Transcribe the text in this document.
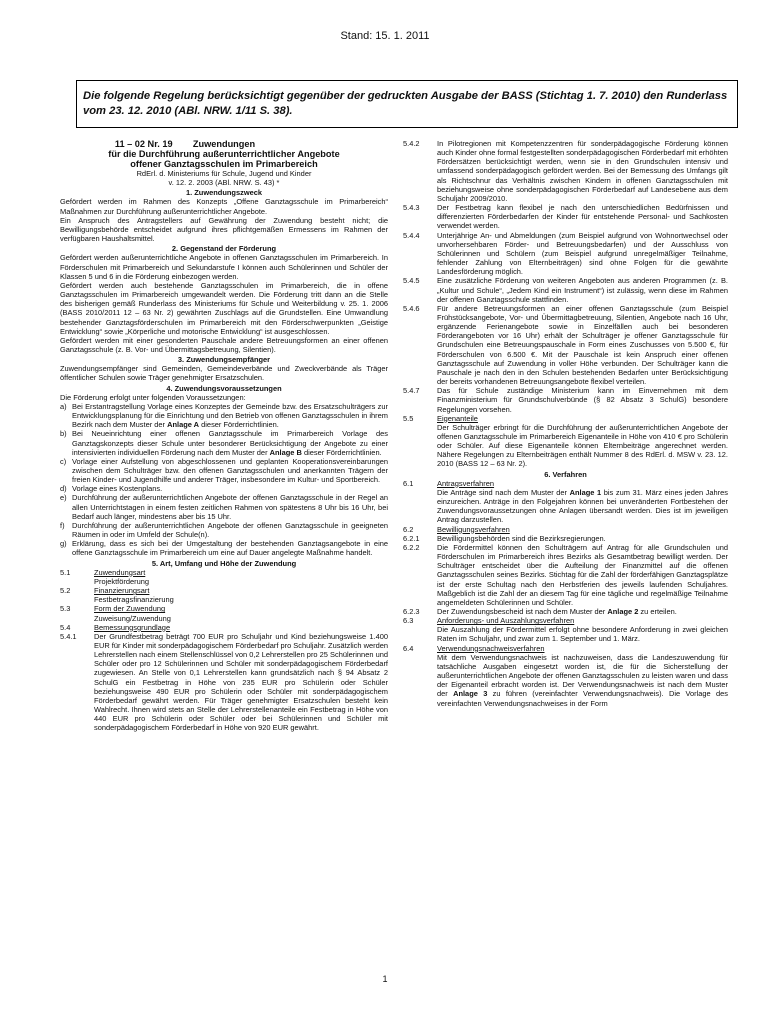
Stand: 15. 1. 2011
Die folgende Regelung berücksichtigt gegenüber der gedruckten Ausgabe der BASS (Stichtag 1. 7. 2010) den Runderlass vom 23. 12. 2010 (ABl. NRW. 1/11 S. 38).
11 – 02 Nr. 19 Zuwendungen
für die Durchführung außerunterrichtlicher Angebote
offener Ganztagsschulen im Primarbereich
RdErl. d. Ministeriums für Schule, Jugend und Kinder
v. 12. 2. 2003 (ABl. NRW. S. 43) *
1. Zuwendungszweck

Gefördert werden im Rahmen des Konzepts „Offene Ganztagsschule im Primarbereich“ Maßnahmen zur Durchführung außerunterrichtlicher Angebote.

Ein Anspruch des Antragstellers auf Gewährung der Zuwendung besteht nicht; die Bewilligungsbehörde entscheidet aufgrund ihres pflichtgemäßen Ermessens im Rahmen der verfügbaren Haushaltsmittel.

2. Gegenstand der Förderung

Gefördert werden außerunterrichtliche Angebote in offenen Ganztagsschulen im Primarbereich. In Förderschulen mit Primarbereich und Sekundarstufe I können auch Schülerinnen und Schüler der Klassen 5 und 6 in die Förderung einbezogen werden.

Gefördert werden auch bestehende Ganztagsschulen im Primarbereich, die in offene Ganztagsschulen im Primarbereich umgewandelt werden. Die Förderung tritt dann an die Stelle des bisherigen gemäß Runderlass des Ministeriums für Schule und Weiterbildung v. 25. 1. 2006 (BASS 2010/2011 12 – 63 Nr. 2) gewährten Zuschlags auf die Grundstellen. Eine Umwandlung bestehender Ganztagsförderschulen im Primarbereich mit den Förderschwerpunkten „Geistige Entwicklung“ sowie „Körperliche und motorische Entwicklung“ ist ausgeschlossen.

Gefördert werden mit einer gesonderten Pauschale andere Betreuungsformen an einer offenen Ganztagsschule (z. B. Vor- und Übermittagsbetreuung, Silentien).

3. Zuwendungsempfänger

Zuwendungsempfänger sind Gemeinden, Gemeindeverbände und Zweckverbände als Träger öffentlicher Schulen sowie Träger genehmigter Ersatzschulen.

4. Zuwendungsvoraussetzungen

Die Förderung erfolgt unter folgenden Voraussetzungen:

a) Bei Erstantragstellung Vorlage eines Konzeptes der Gemeinde bzw. des Ersatzschulträgers zur Entwicklungsplanung für die Einrichtung und den Betrieb von offenen Ganztagsschulen in ihrem Bezirk nach dem Muster der Anlage A dieser Förderrichtlinien.
b) Bei Neueinrichtung einer offenen Ganztagsschule im Primarbereich Vorlage des Ganztagskonzepts dieser Schule unter besonderer Berücksichtigung der Angebote zu einer intensivierten individuellen Förderung nach dem Muster der Anlage B dieser Förderrichtlinien.
c) Vorlage einer Aufstellung von abgeschlossenen und geplanten Kooperationsvereinbarungen zwischen dem Schulträger bzw. den offenen Ganztagsschulen und anerkannten Trägern der freien Kinder- und Jugendhilfe und anderer Träger, insbesondere im Kultur- und Sportbereich.
d) Vorlage eines Kostenplans.
e) Durchführung der außerunterrichtlichen Angebote der offenen Ganztagsschule in der Regel an allen Unterrichtstagen in einem festen zeitlichen Rahmen von spätestens 8 Uhr bis 16 Uhr, bei Bedarf auch länger, mindestens aber bis 15 Uhr.
f)	Durchführung der außerunterrichtlichen Angebote der offenen Ganztagsschule in geeigneten Räumen in oder im Umfeld der Schule(n).
g) Erklärung, dass es sich bei der Umgestaltung der bestehenden Ganztagsangebote in eine offene Ganztagsschule im Primarbereich um eine auf Dauer angelegte Maßnahme handelt.
5. Art, Umfang und Höhe der Zuwendung
5.1	Zuwendungsart
Projektförderung
5.2	Finanzierungsart
Festbetragsfinanzierung
5.3	Form der Zuwendung
Zuweisung/Zuwendung
5.4	Bemessungsgrundlage
5.4.1	Der Grundfestbetrag beträgt 700 EUR pro Schuljahr und Kind beziehungsweise 1.400 EUR für Kinder mit sonderpädagogischem Förderbedarf pro Schuljahr. Zusätzlich werden Lehrerstellen nach einem Stellenschlüssel von 0,2 Lehrerstellen pro 25 Schülerinnen und Schüler oder pro 12 Schülerinnen und Schüler mit sonderpädagogischem Förderbedarf zugewiesen. An Stelle von 0,1 Lehrerstellen kann grundsätzlich nach § 94 Absatz 2 SchulG ein Festbetrag in Höhe von 235 EUR pro Schülerin oder Schüler beziehungsweise 490 EUR pro Schülerin oder Schüler mit sonderpädagogischem Förderbedarf gewährt werden. Für Träger genehmigter Ersatzschulen besteht kein Wahlrecht. Ihnen wird stets an Stelle der Lehrerstellenanteile ein Festbetrag in Höhe von 440 EUR pro Schülerin oder Schüler oder bei Schülerinnen und Schüler mit sonderpädagogischem Förderbedarf in Höhe von 920 EUR gewährt.
5.4.2	In Pilotregionen mit Kompetenzzentren für sonderpädagogische Förderung können auch Kinder ohne formal festgestellten sonderpädagogischen Förderbedarf mit erhöhten Fördersätzen berücksichtigt werden, wenn sie in den Grundschulen intensiv und umfassend sonderpädagogisch gefördert werden. Bei der Bemessung des Umfangs gilt als Richtschnur das Verhältnis zwischen Kindern in offenen Ganztagsschulen mit beziehungsweise ohne sonderpädagogischen Förderbedarf auf Landesebene aus dem Schuljahr 2009/2010.
5.4.3	Der Festbetrag kann flexibel je nach den unterschiedlichen Bedürfnissen und differenzierten Förderbedarfen der Kinder für entstehende Personal- und Sachkosten verwendet werden.
5.4.4	Unterjährige An- und Abmeldungen (zum Beispiel aufgrund von Wohnortwechsel oder unvorhersehbaren Förder- und Betreuungsbedarfen) und der Ausschluss von Schülerinnen und Schülern (zum Beispiel aufgrund unregelmäßiger Teilnahme, fehlender Zahlung von Elternbeiträgen) sind ohne Folgen für die gewährte Landesförderung möglich.
5.4.5	Eine zusätzliche Förderung von weiteren Angeboten aus anderen Programmen (z. B. „Kultur und Schule“, „Jedem Kind ein Instrument“) ist zulässig, wenn diese im Rahmen der offenen Ganztagsschule stattfinden.
5.4.6	Für andere Betreuungsformen an einer offenen Ganztagsschule (zum Beispiel Frühstücksangebote, Vor- und Übermittagbetreuung, Silentien, Angebote nach 16 Uhr, ergänzende Ferienangebote sowie in Einzelfällen auch bei besonderen Förderangeboten vor 16 Uhr) erhält der Schulträger je offener Ganztagsschule für Grundschulen eine Betreuungspauschale in Form eines Zuschusses von 5.500 €, für Förderschulen von 6.500 €. Mit der Pauschale ist kein Anspruch einer offenen Ganztagsschule auf Zuwendung in voller Höhe verbunden. Der Schulträger kann die Pauschale je nach den in den Schulen bestehenden Bedarfen unter Berücksichtigung der bereits vorhandenen Betreuungsangebote flexibel verteilen.
5.4.7	Das für Schule zuständige Ministerium kann im Einvernehmen mit dem Finanzministerium für Grundschulverbünde (§ 82 Absatz 3 SchulG) besondere Regelungen vorsehen.
5.5	Eigenanteile
Der Schulträger erbringt für die Durchführung der außerunterrichtlichen Angebote der offenen Ganztagsschule im Primarbereich Eigenanteile in Höhe von 410 € pro Schülerin oder Schüler. Auf diese Eigenanteile können Elternbeiträge angerechnet werden. Nähere Regelungen zu Elternbeiträgen enthält Nummer 8 des RdErl. d. MSW v. 23. 12. 2010 (BASS 12 – 63 Nr. 2).
6. Verfahren
6.1	Antragsverfahren
Die Anträge sind nach dem Muster der Anlage 1 bis zum 31. März eines jeden Jahres einzureichen. Anträge in den Folgejahren können bei unveränderten Fortbestehen der Zuwendungsvoraussetzungen ohne Anlagen übersandt werden. Dies ist im jeweiligen Antrag darzustellen.
6.2	Bewilligungsverfahren
6.2.1	Bewilligungsbehörden sind die Bezirksregierungen.
6.2.2	Die Fördermittel können den Schulträgern auf Antrag für alle Grundschulen und Förderschulen im Primarbereich ihres Bezirks als Gesamtbetrag bewilligt werden. Der Schulträger entscheidet über die Aufteilung der Finanzmittel auf die offenen Ganztagsschulen seines Bezirks. Stichtag für die Zahl der förderfähigen Ganztagsplätze ist der erste Schultag nach den Herbstferien des jeweils laufenden Schuljahres. Maßgeblich ist die Zahl der an diesem Tag für eine tägliche und regelmäßige Teilnahme angemeldeten Schülerinnen und Schüler.
6.2.3	Der Zuwendungsbescheid ist nach dem Muster der Anlage 2 zu erteilen.
6.3	Anforderungs- und Auszahlungsverfahren
Die Auszahlung der Fördermittel erfolgt ohne besondere Anforderung in zwei gleichen Raten im Schuljahr, und zwar zum 1. September und 1. März.
6.4	Verwendungsnachweisverfahren
Mit dem Verwendungsnachweis ist nachzuweisen, dass die Landeszuwendung für tatsächliche Ausgaben eingesetzt worden ist, die für die Sicherstellung der außerunterrichtlichen Angebote der offenen Ganztagsschulen zu leisten waren und dass der Eigenanteil erbracht worden ist. Der Verwendungsnachweis ist nach dem Muster der Anlage 3 zu führen (vereinfachter Verwendungsnachweis). Die Vorlage des vereinfachten Verwendungsnachweises in der Form
1
